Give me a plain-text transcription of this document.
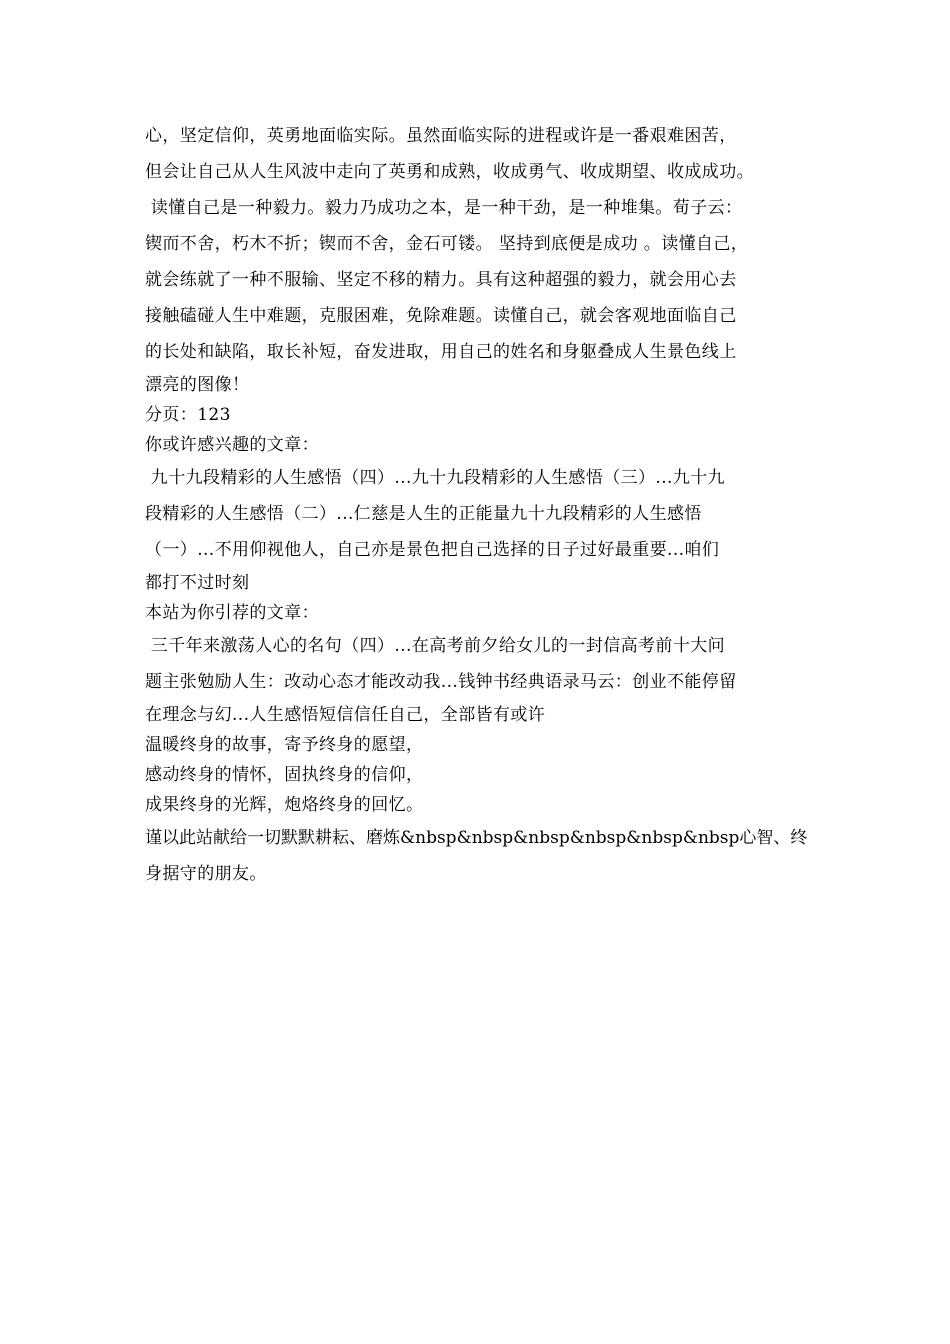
心，坚定信仰，英勇地面临实际。虽然面临实际的进程或许是一番艰难困苦，
但会让自己从人生风波中走向了英勇和成熟，收成勇气、收成期望、收成成功。
读懂自己是一种毅力。毅力乃成功之本，是一种干劲，是一种堆集。荀子云：
锲而不舍，朽木不折；锲而不舍，金石可镂。 坚持到底便是成功 。读懂自己，
就会练就了一种不服输、坚定不移的精力。具有这种超强的毅力，就会用心去
接触磕碰人生中难题，克服困难，免除难题。读懂自己，就会客观地面临自己
的长处和缺陷，取长补短，奋发进取，用自己的姓名和身躯叠成人生景色线上
漂亮的图像！
分页：123
你或许感兴趣的文章：
九十九段精彩的人生感悟（四）...九十九段精彩的人生感悟（三）...九十九
段精彩的人生感悟（二）...仁慈是人生的正能量九十九段精彩的人生感悟
（一）...不用仰视他人，自己亦是景色把自己选择的日子过好最重要...咱们
都打不过时刻
本站为你引荐的文章：
三千年来激荡人心的名句（四）...在高考前夕给女儿的一封信高考前十大问
题主张勉励人生：改动心态才能改动我...钱钟书经典语录马云：创业不能停留
在理念与幻...人生感悟短信信任自己，全部皆有或许
温暖终身的故事，寄予终身的愿望，
感动终身的情怀，固执终身的信仰，
成果终身的光辉，炮烙终身的回忆。
谨以此站献给一切默默耕耘、磨炼&nbsp&nbsp&nbsp&nbsp&nbsp&nbsp心智、终
身据守的朋友。
